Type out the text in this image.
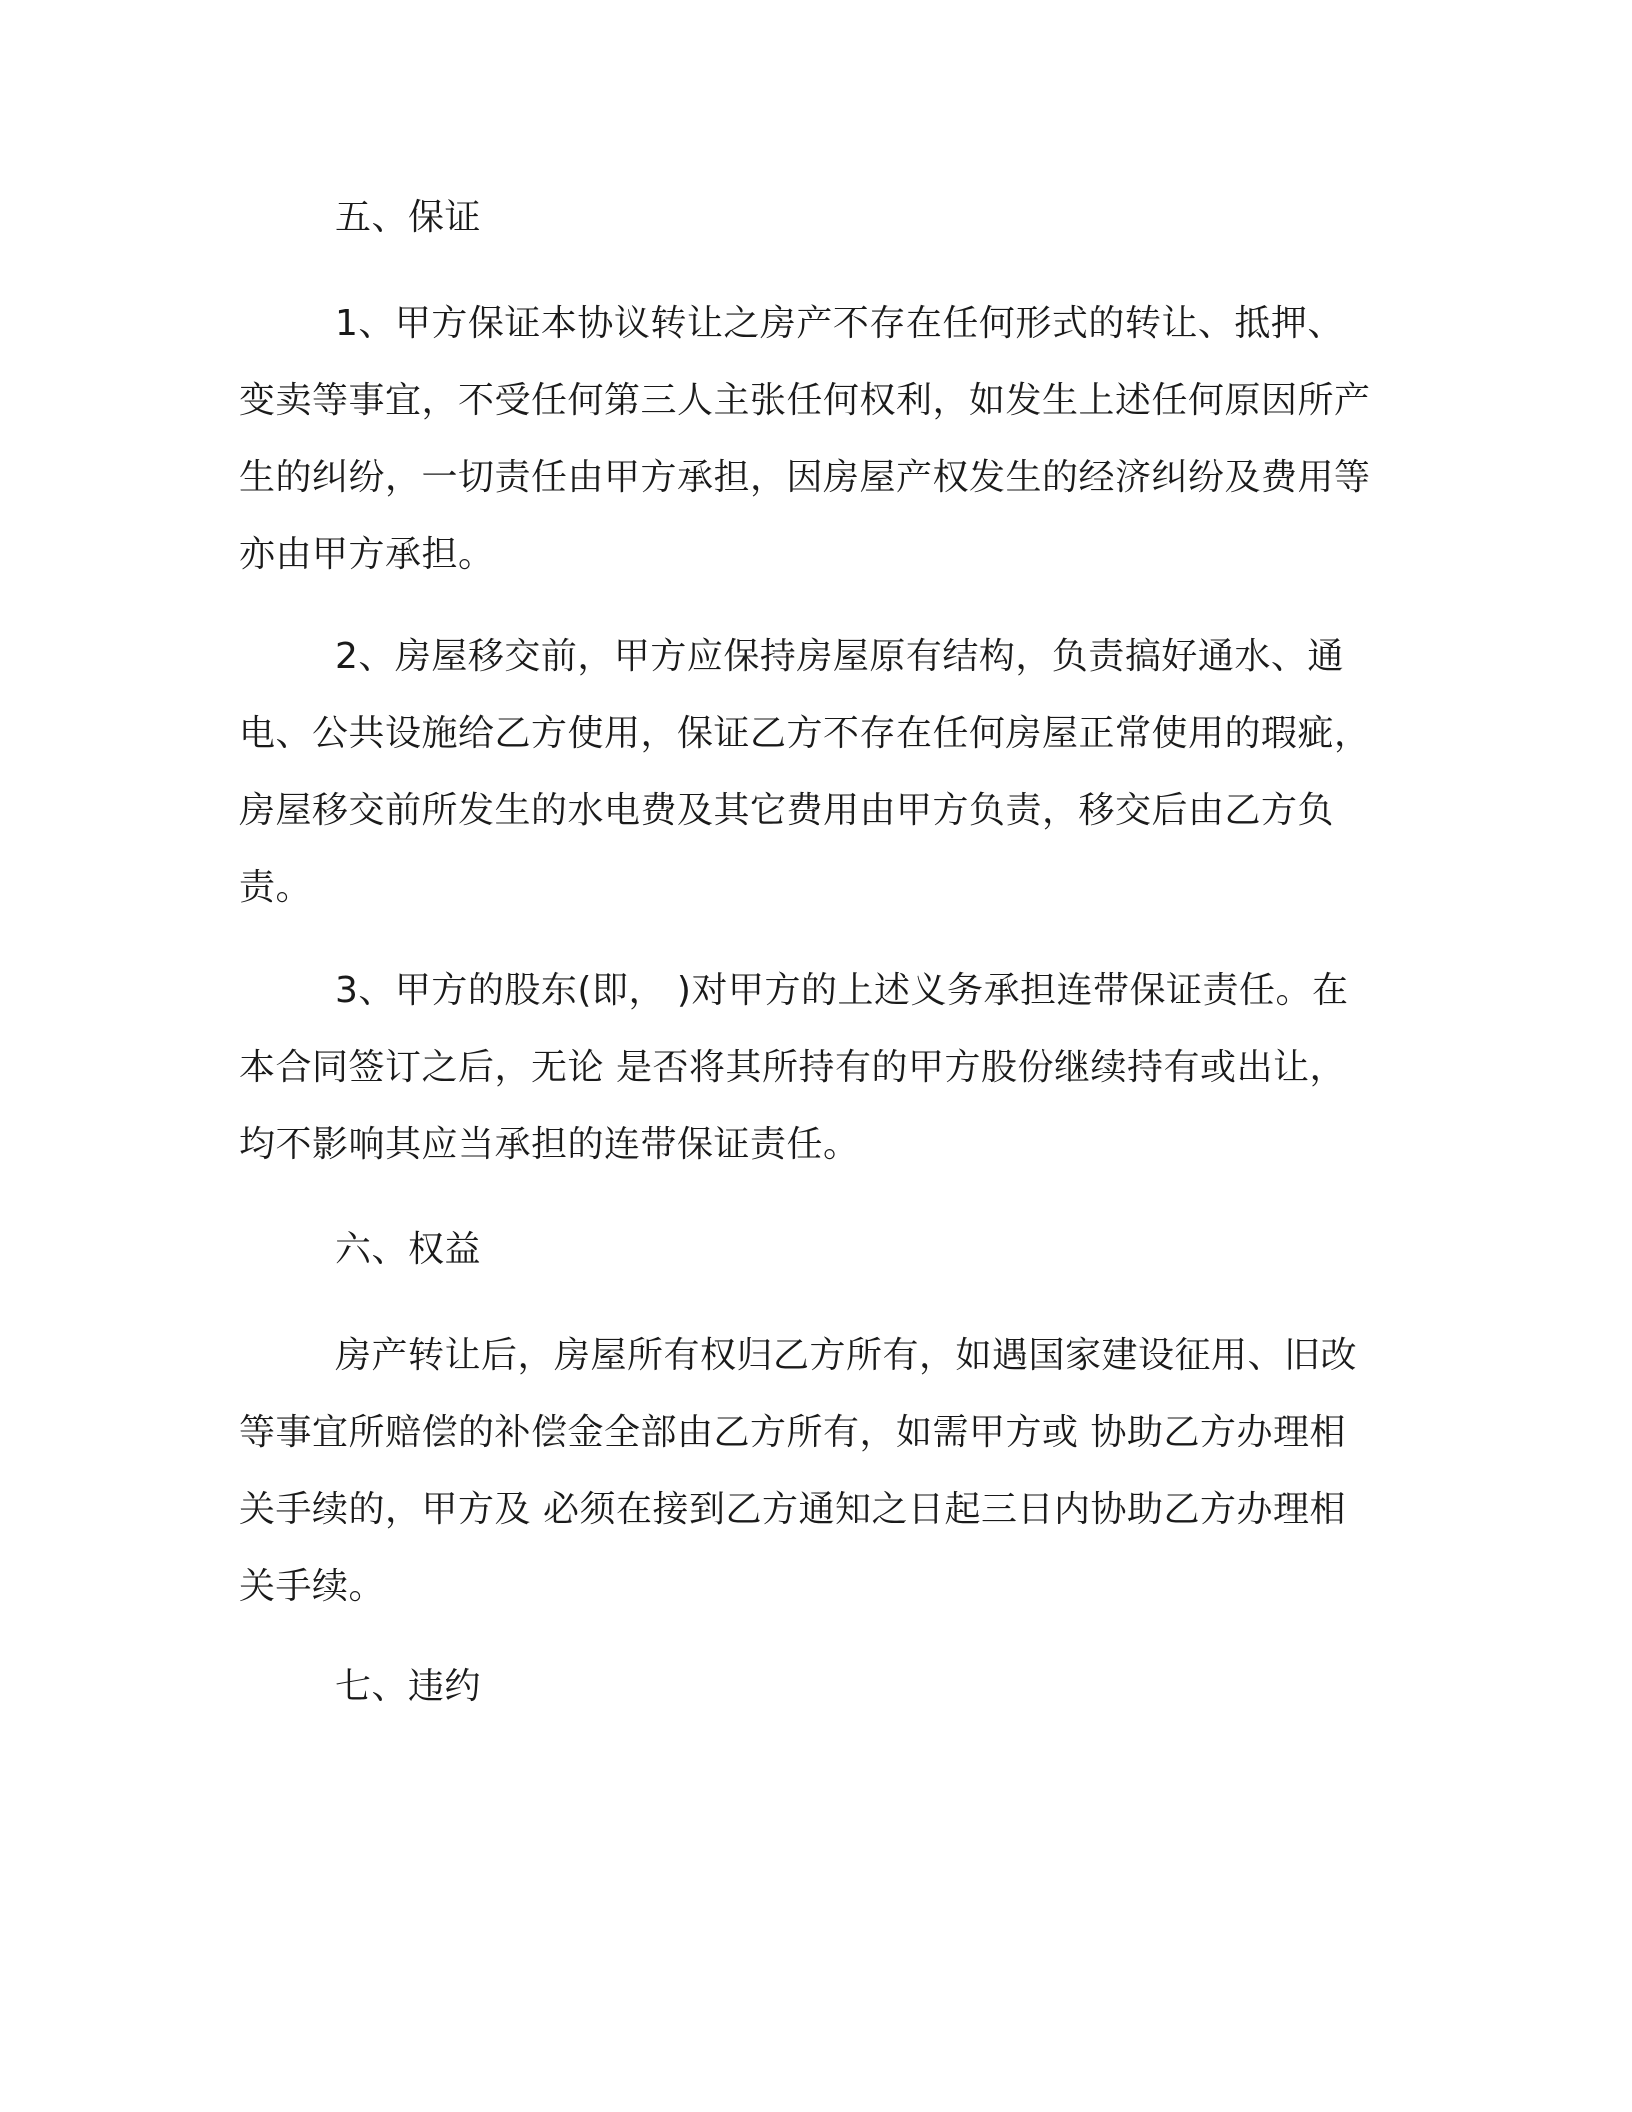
五、保证

1、甲方保证本协议转让之房产不存在任何形式的转让、抵押、变卖等事宜，不受任何第三人主张任何权利，如发生上述任何原因所产生的纠纷，一切责任由甲方承担，因房屋产权发生的经济纠纷及费用等亦由甲方承担。

2、房屋移交前，甲方应保持房屋原有结构，负责搞好通水、通电、公共设施给乙方使用，保证乙方不存在任何房屋正常使用的瑕疵，房屋移交前所发生的水电费及其它费用由甲方负责，移交后由乙方负责。

3、甲方的股东(即， )对甲方的上述义务承担连带保证责任。在本合同签订之后，无论 是否将其所持有的甲方股份继续持有或出让，均不影响其应当承担的连带保证责任。

六、权益

房产转让后，房屋所有权归乙方所有，如遇国家建设征用、旧改等事宜所赔偿的补偿金全部由乙方所有，如需甲方或 协助乙方办理相关手续的，甲方及 必须在接到乙方通知之日起三日内协助乙方办理相关手续。

七、违约
